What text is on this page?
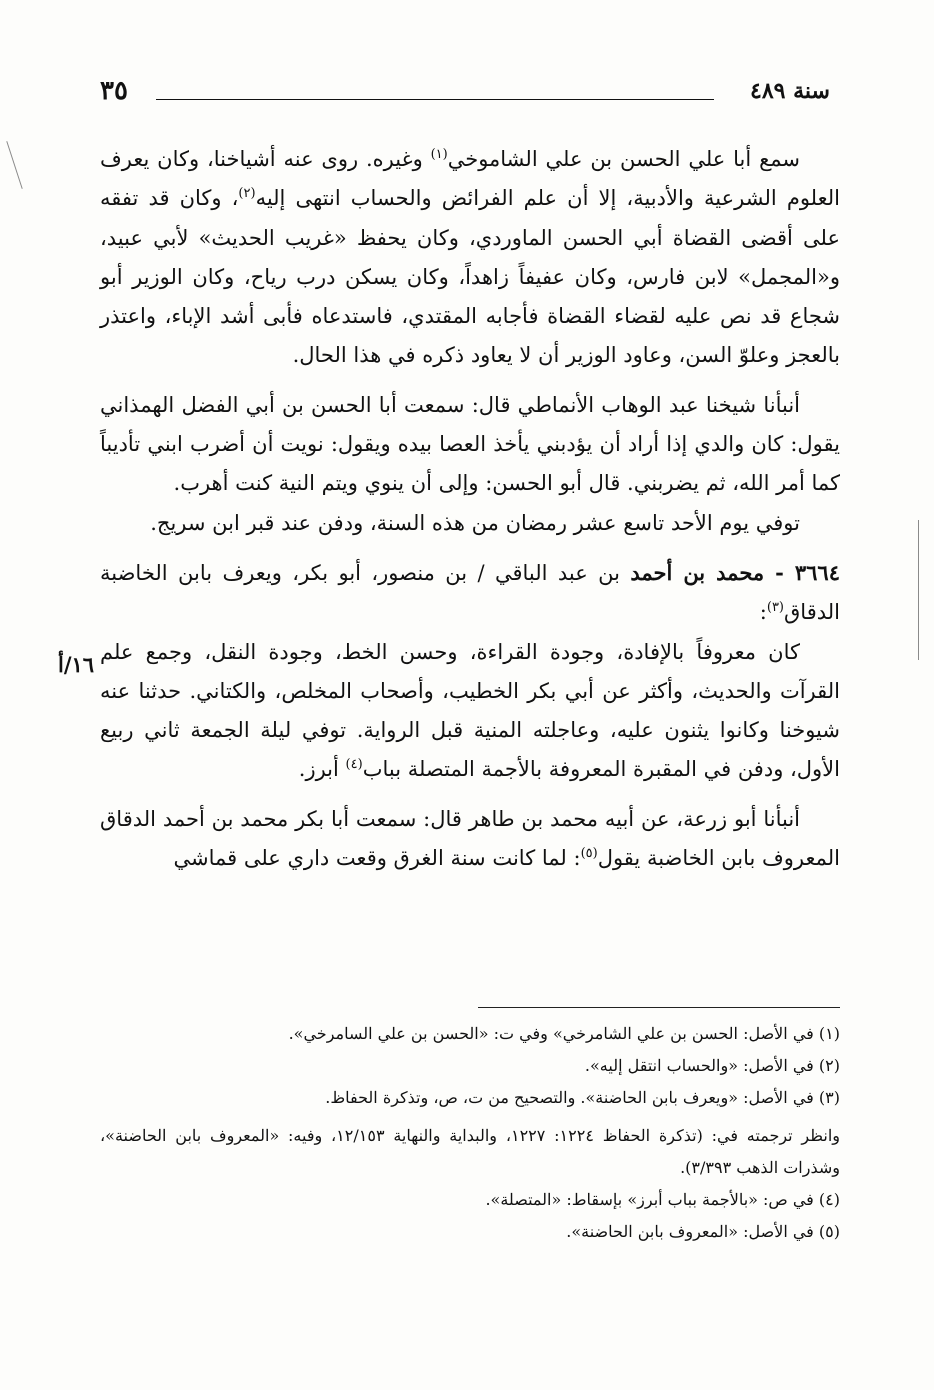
سنة ٤٨٩
٣٥

سمع أبا علي الحسن بن علي الشاموخي$^{(١)}$ وغيره. روى عنه أشياخنا، وكان يعرف العلوم الشرعية والأدبية، إلا أن علم الفرائض والحساب انتهى إليه$^{(٢)}$، وكان قد تفقه على أقضى القضاة أبي الحسن الماوردي، وكان يحفظ «غريب الحديث» لأبي عبيد، و«المجمل» لابن فارس، وكان عفيفاً زاهداً، وكان يسكن درب رياح، وكان الوزير أبو شجاع قد نص عليه لقضاء القضاة فأجابه المقتدي، فاستدعاه فأبى أشد الإباء، واعتذر بالعجز وعلوّ السن، وعاود الوزير أن لا يعاود ذكره في هذا الحال.

أنبأنا شيخنا عبد الوهاب الأنماطي قال: سمعت أبا الحسن بن أبي الفضل الهمذاني يقول: كان والدي إذا أراد أن يؤدبني يأخذ العصا بيده ويقول: نويت أن أضرب ابني تأديباً كما أمر الله، ثم يضربني. قال أبو الحسن: وإلى أن ينوي ويتم النية كنت أهرب.

توفي يوم الأحد تاسع عشر رمضان من هذه السنة، ودفن عند قبر ابن سريج.

٣٦٦٤ - محمد بن أحمد بن عبد الباقي / بن منصور، أبو بكر، ويعرف بابن الخاضبة الدقاق$^{(٣)}$:

كان معروفاً بالإفادة، وجودة القراءة، وحسن الخط، وجودة النقل، وجمع علم القرآت والحديث، وأكثر عن أبي بكر الخطيب، وأصحاب المخلص، والكتاني. حدثنا عنه شيوخنا وكانوا يثنون عليه، وعاجلته المنية قبل الرواية. توفي ليلة الجمعة ثاني ربيع الأول، ودفن في المقبرة المعروفة بالأجمة المتصلة بباب$^{(٤)}$ أبرز.

أنبأنا أبو زرعة، عن أبيه محمد بن طاهر قال: سمعت أبا بكر محمد بن أحمد الدقاق المعروف بابن الخاضبة يقول$^{(٥)}$: لما كانت سنة الغرق وقعت داري على قماشي

١٦/أ

(١) في الأصل: الحسن بن علي الشامرخي» وفي ت: «الحسن بن علي السامرخي».

(٢) في الأصل: «والحساب انتقل إليه».

(٣) في الأصل: «ويعرف بابن الحاضنة». والتصحيح من ت، ص، وتذكرة الحفاظ.

وانظر ترجمته في: (تذكرة الحفاظ ١٢٢٤: ١٢٢٧، والبداية والنهاية ١٢/١٥٣، وفيه: «المعروف بابن الحاضنة»، وشذرات الذهب ٣/٣٩٣).

(٤) في ص: «بالأجمة بباب أبرز» بإسقاط: «المتصلة».

(٥) في الأصل: «المعروف بابن الحاضنة».
